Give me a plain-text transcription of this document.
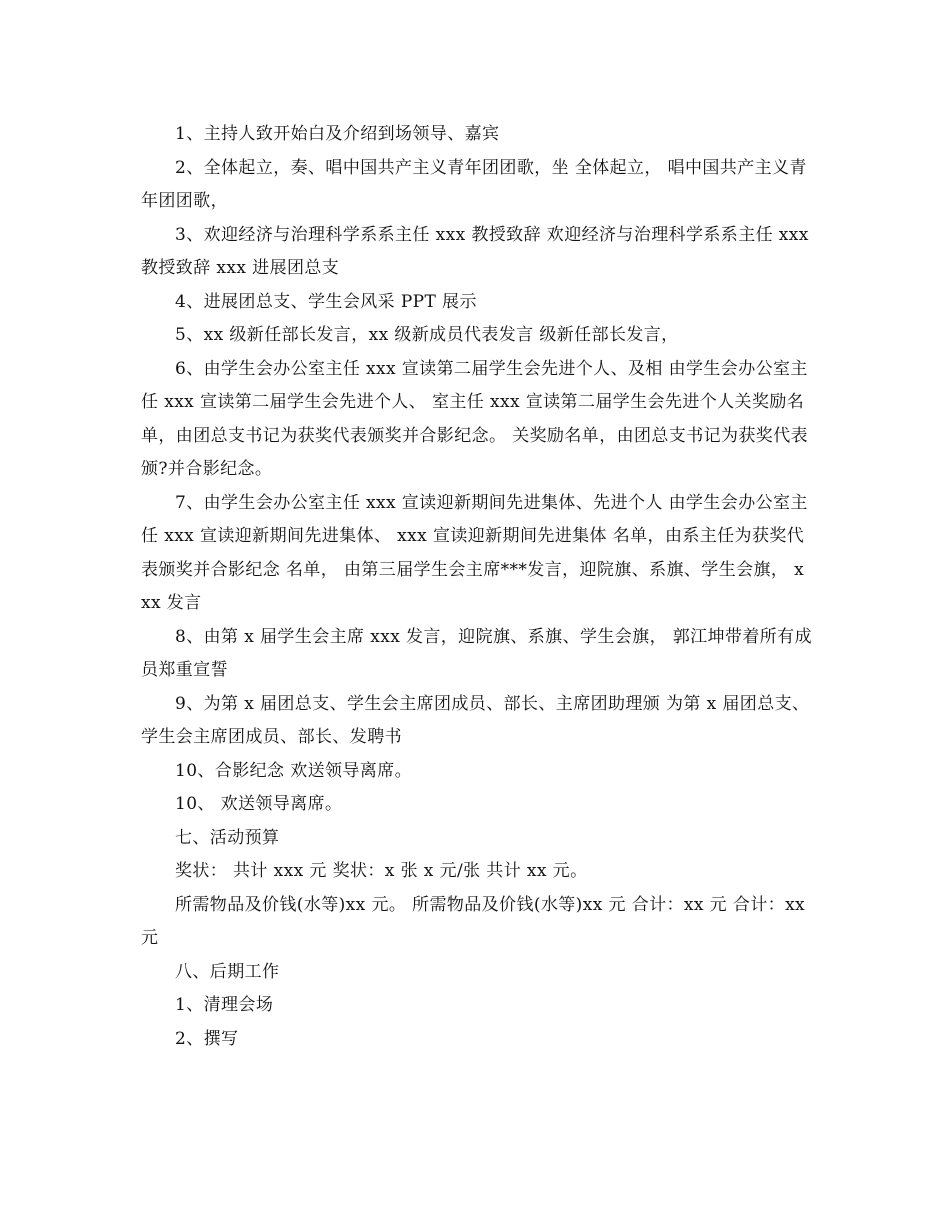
1、主持人致开始白及介绍到场领导、嘉宾

2、全体起立，奏、唱中国共产主义青年团团歌，坐 全体起立， 唱中国共产主义青年团团歌，

3、欢迎经济与治理科学系系主任 xxx 教授致辞 欢迎经济与治理科学系系主任 xxx 教授致辞 xxx 进展团总支

4、进展团总支、学生会风采 PPT 展示

5、xx 级新任部长发言，xx 级新成员代表发言 级新任部长发言，

6、由学生会办公室主任 xxx 宣读第二届学生会先进个人、及相 由学生会办公室主任 xxx 宣读第二届学生会先进个人、 室主任 xxx 宣读第二届学生会先进个人关奖励名单，由团总支书记为获奖代表颁奖并合影纪念。 关奖励名单，由团总支书记为获奖代表颁?并合影纪念。

7、由学生会办公室主任 xxx 宣读迎新期间先进集体、先进个人 由学生会办公室主任 xxx 宣读迎新期间先进集体、 xxx 宣读迎新期间先进集体 名单，由系主任为获奖代表颁奖并合影纪念 名单， 由第三届学生会主席***发言，迎院旗、系旗、学生会旗， xxx 发言

8、由第 x 届学生会主席 xxx 发言，迎院旗、系旗、学生会旗， 郭江坤带着所有成员郑重宣誓

9、为第 x 届团总支、学生会主席团成员、部长、主席团助理颁 为第 x 届团总支、学生会主席团成员、部长、发聘书

10、合影纪念 欢送领导离席。

10、 欢送领导离席。

七、活动预算

奖状： 共计 xxx 元 奖状：x 张 x 元/张 共计 xx 元。

所需物品及价钱(水等)xx 元。 所需物品及价钱(水等)xx 元 合计：xx 元 合计：xx 元

八、后期工作

1、清理会场

2、撰写
